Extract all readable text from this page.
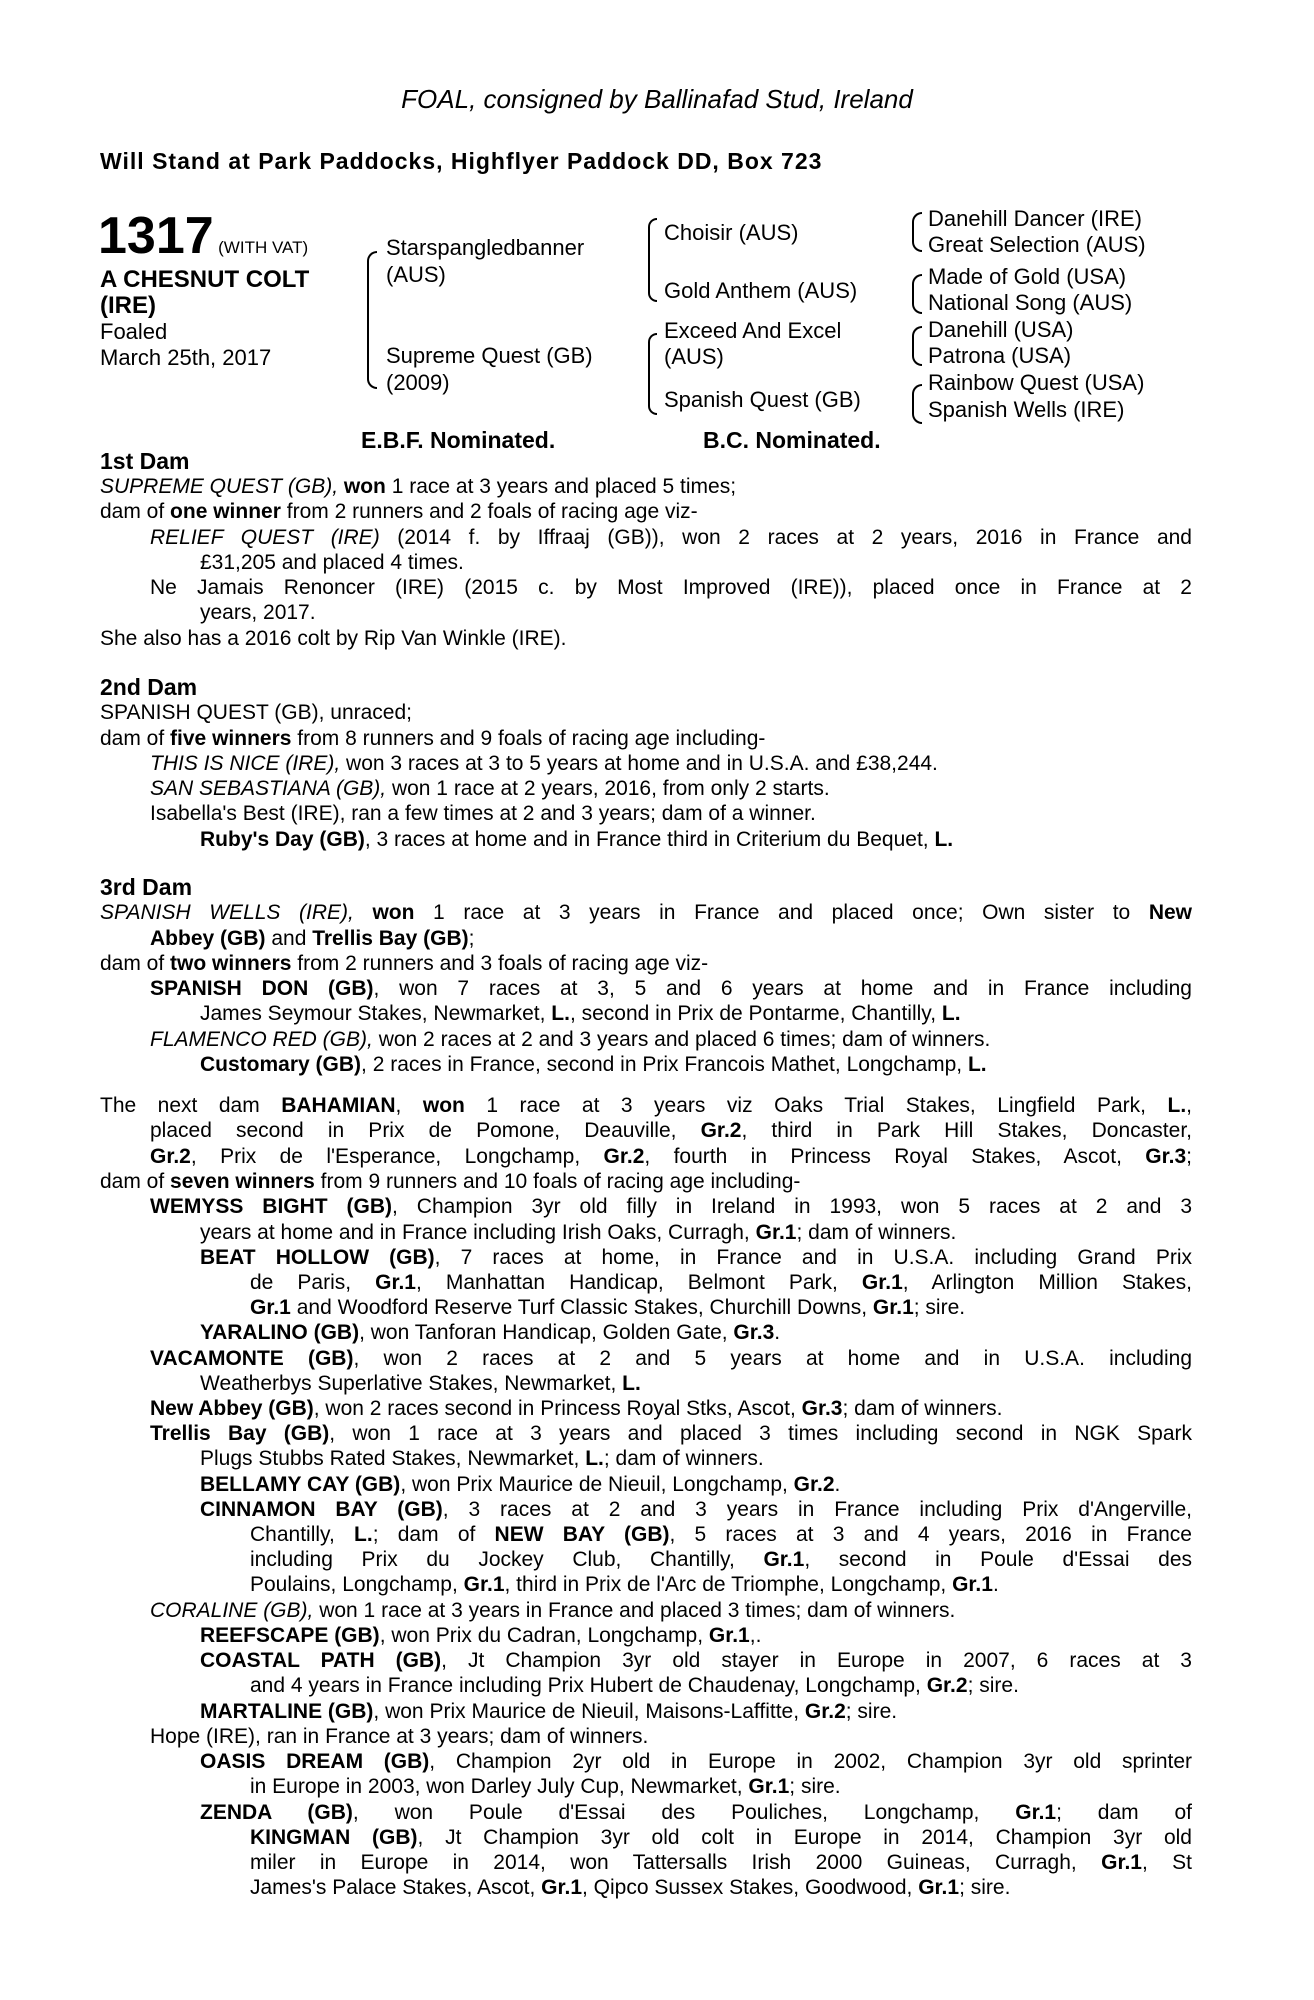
FOAL, consigned by Ballinafad Stud, Ireland
Will Stand at Park Paddocks, Highflyer Paddock DD, Box 723
1317 (WITH VAT)
A CHESNUT COLT
(IRE)
Foaled
March 25th, 2017
Starspangledbanner
(AUS)
Supreme Quest (GB)
(2009)
Choisir (AUS)
Gold Anthem (AUS)
Exceed And Excel
(AUS)
Spanish Quest (GB)
Danehill Dancer (IRE)
Great Selection (AUS)
Made of Gold (USA)
National Song (AUS)
Danehill (USA)
Patrona (USA)
Rainbow Quest (USA)
Spanish Wells (IRE)
E.B.F. Nominated.	B.C. Nominated.
1st Dam
SUPREME QUEST (GB), won 1 race at 3 years and placed 5 times;
dam of one winner from 2 runners and 2 foals of racing age viz-
RELIEF QUEST (IRE) (2014 f. by Iffraaj (GB)), won 2 races at 2 years, 2016 in France and
£31,205 and placed 4 times.
Ne Jamais Renoncer (IRE) (2015 c. by Most Improved (IRE)), placed once in France at 2
years, 2017.
She also has a 2016 colt by Rip Van Winkle (IRE).
2nd Dam
SPANISH QUEST (GB), unraced;
dam of five winners from 8 runners and 9 foals of racing age including-
THIS IS NICE (IRE), won 3 races at 3 to 5 years at home and in U.S.A. and £38,244.
SAN SEBASTIANA (GB), won 1 race at 2 years, 2016, from only 2 starts.
Isabella's Best (IRE), ran a few times at 2 and 3 years; dam of a winner.
Ruby's Day (GB), 3 races at home and in France third in Criterium du Bequet, L.
3rd Dam
SPANISH WELLS (IRE), won 1 race at 3 years in France and placed once; Own sister to New
Abbey (GB) and Trellis Bay (GB);
dam of two winners from 2 runners and 3 foals of racing age viz-
SPANISH DON (GB), won 7 races at 3, 5 and 6 years at home and in France including
James Seymour Stakes, Newmarket, L., second in Prix de Pontarme, Chantilly, L.
FLAMENCO RED (GB), won 2 races at 2 and 3 years and placed 6 times; dam of winners.
Customary (GB), 2 races in France, second in Prix Francois Mathet, Longchamp, L.
The next dam BAHAMIAN, won 1 race at 3 years viz Oaks Trial Stakes, Lingfield Park, L.,
placed second in Prix de Pomone, Deauville, Gr.2, third in Park Hill Stakes, Doncaster,
Gr.2, Prix de l'Esperance, Longchamp, Gr.2, fourth in Princess Royal Stakes, Ascot, Gr.3;
dam of seven winners from 9 runners and 10 foals of racing age including-
WEMYSS BIGHT (GB), Champion 3yr old filly in Ireland in 1993, won 5 races at 2 and 3
years at home and in France including Irish Oaks, Curragh, Gr.1; dam of winners.
BEAT HOLLOW (GB), 7 races at home, in France and in U.S.A. including Grand Prix
de Paris, Gr.1, Manhattan Handicap, Belmont Park, Gr.1, Arlington Million Stakes,
Gr.1 and Woodford Reserve Turf Classic Stakes, Churchill Downs, Gr.1; sire.
YARALINO (GB), won Tanforan Handicap, Golden Gate, Gr.3.
VACAMONTE (GB), won 2 races at 2 and 5 years at home and in U.S.A. including
Weatherbys Superlative Stakes, Newmarket, L.
New Abbey (GB), won 2 races second in Princess Royal Stks, Ascot, Gr.3; dam of winners.
Trellis Bay (GB), won 1 race at 3 years and placed 3 times including second in NGK Spark
Plugs Stubbs Rated Stakes, Newmarket, L.; dam of winners.
BELLAMY CAY (GB), won Prix Maurice de Nieuil, Longchamp, Gr.2.
CINNAMON BAY (GB), 3 races at 2 and 3 years in France including Prix d'Angerville,
Chantilly, L.; dam of NEW BAY (GB), 5 races at 3 and 4 years, 2016 in France
including Prix du Jockey Club, Chantilly, Gr.1, second in Poule d'Essai des
Poulains, Longchamp, Gr.1, third in Prix de l'Arc de Triomphe, Longchamp, Gr.1.
CORALINE (GB), won 1 race at 3 years in France and placed 3 times; dam of winners.
REEFSCAPE (GB), won Prix du Cadran, Longchamp, Gr.1,.
COASTAL PATH (GB), Jt Champion 3yr old stayer in Europe in 2007, 6 races at 3
and 4 years in France including Prix Hubert de Chaudenay, Longchamp, Gr.2; sire.
MARTALINE (GB), won Prix Maurice de Nieuil, Maisons-Laffitte, Gr.2; sire.
Hope (IRE), ran in France at 3 years; dam of winners.
OASIS DREAM (GB), Champion 2yr old in Europe in 2002, Champion 3yr old sprinter
in Europe in 2003, won Darley July Cup, Newmarket, Gr.1; sire.
ZENDA (GB), won Poule d'Essai des Pouliches, Longchamp, Gr.1; dam of
KINGMAN (GB), Jt Champion 3yr old colt in Europe in 2014, Champion 3yr old
miler in Europe in 2014, won Tattersalls Irish 2000 Guineas, Curragh, Gr.1, St
James's Palace Stakes, Ascot, Gr.1, Qipco Sussex Stakes, Goodwood, Gr.1; sire.
